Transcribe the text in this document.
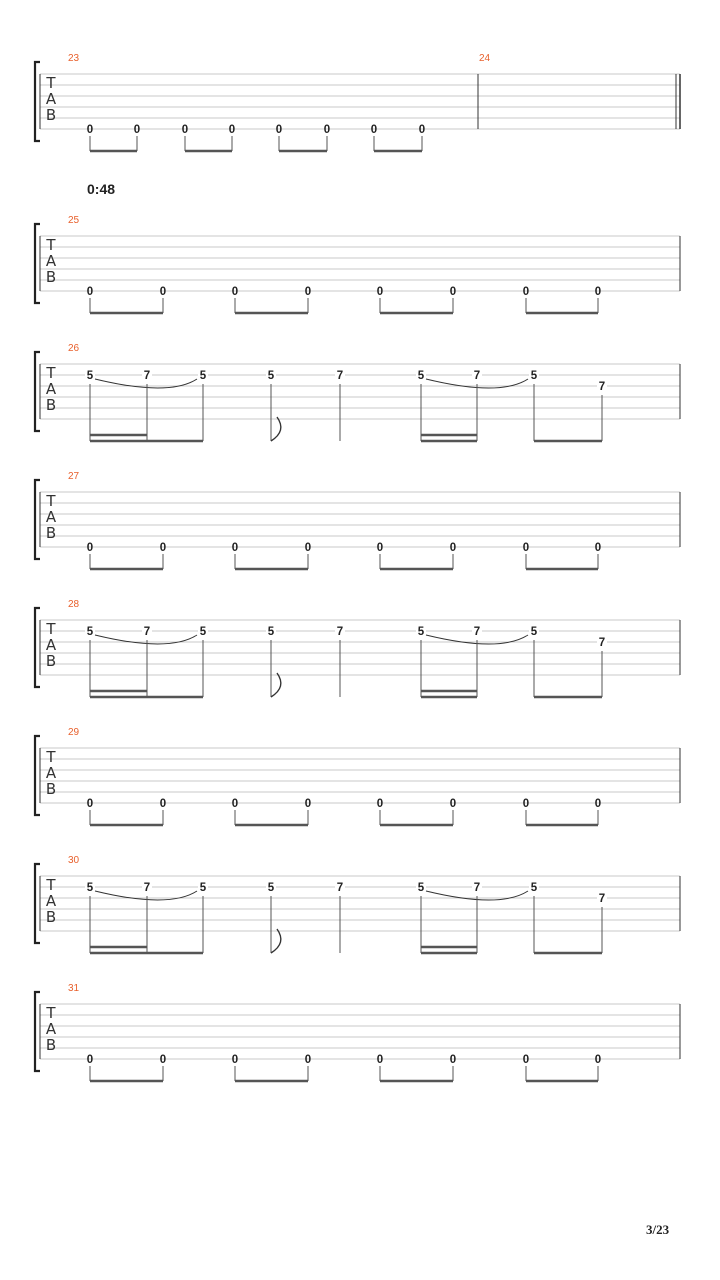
T
A
B
23	24
0	0	0	0	0	0	0	0
T
A
B
25
0	0	0	0	0	0	0	0
T
A
B
26
5	7	5	5	7	5	7	5
7
T
A
B
27
0	0	0	0	0	0	0	0
T
A
B
28
5	7	5	5	7	5	7	5
7
T
A
B
29
0	0	0	0	0	0	0	0
T
A
B
30
5	7	5	5	7	5	7	5
7
T
A
B
31
0	0	0	0	0	0	0	0
0:48
3/23
